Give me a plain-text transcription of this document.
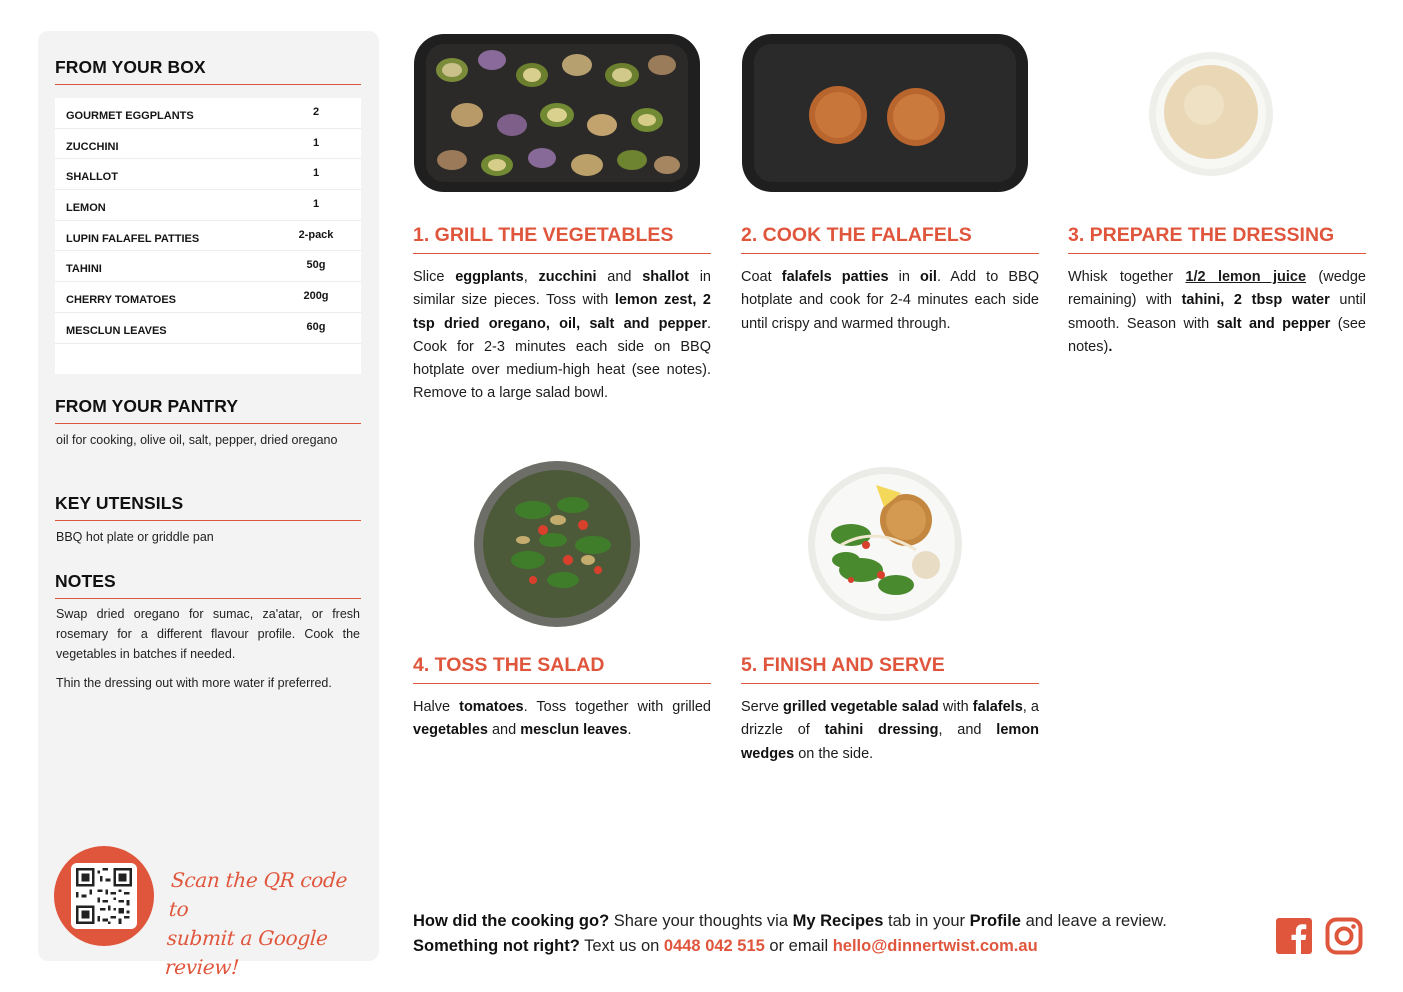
FROM YOUR BOX
GOURMET EGGPLANTS	2
ZUCCHINI	1
SHALLOT	1
LEMON	1
LUPIN FALAFEL PATTIES	2-pack
TAHINI	50g
CHERRY TOMATOES	200g
MESCLUN LEAVES	60g
FROM YOUR PANTRY
oil for cooking, olive oil, salt, pepper, dried oregano
KEY UTENSILS
BBQ hot plate or griddle pan
NOTES
Swap dried oregano for sumac, za'atar, or fresh rosemary for a different flavour profile. Cook the vegetables in batches if needed.
Thin the dressing out with more water if preferred.
Scan the QR code to
submit a Google review!
1. GRILL THE VEGETABLES
Slice eggplants, zucchini and shallot in similar size pieces. Toss with lemon zest, 2 tsp dried oregano, oil, salt and pepper. Cook for 2-3 minutes each side on BBQ hotplate over medium-high heat (see notes). Remove to a large salad bowl.
2. COOK THE FALAFELS
Coat falafels patties in oil. Add to BBQ hotplate and cook for 2-4 minutes each side until crispy and warmed through.
3. PREPARE THE DRESSING
Whisk together 1/2 lemon juice (wedge remaining) with tahini, 2 tbsp water until smooth. Season with salt and pepper (see notes).
4. TOSS THE SALAD
Halve tomatoes. Toss together with grilled vegetables and mesclun leaves.
5. FINISH AND SERVE
Serve grilled vegetable salad with falafels, a drizzle of tahini dressing, and lemon wedges on the side.
How did the cooking go? Share your thoughts via My Recipes tab in your Profile and leave a review.
Something not right? Text us on 0448 042 515 or email hello@dinnertwist.com.au
